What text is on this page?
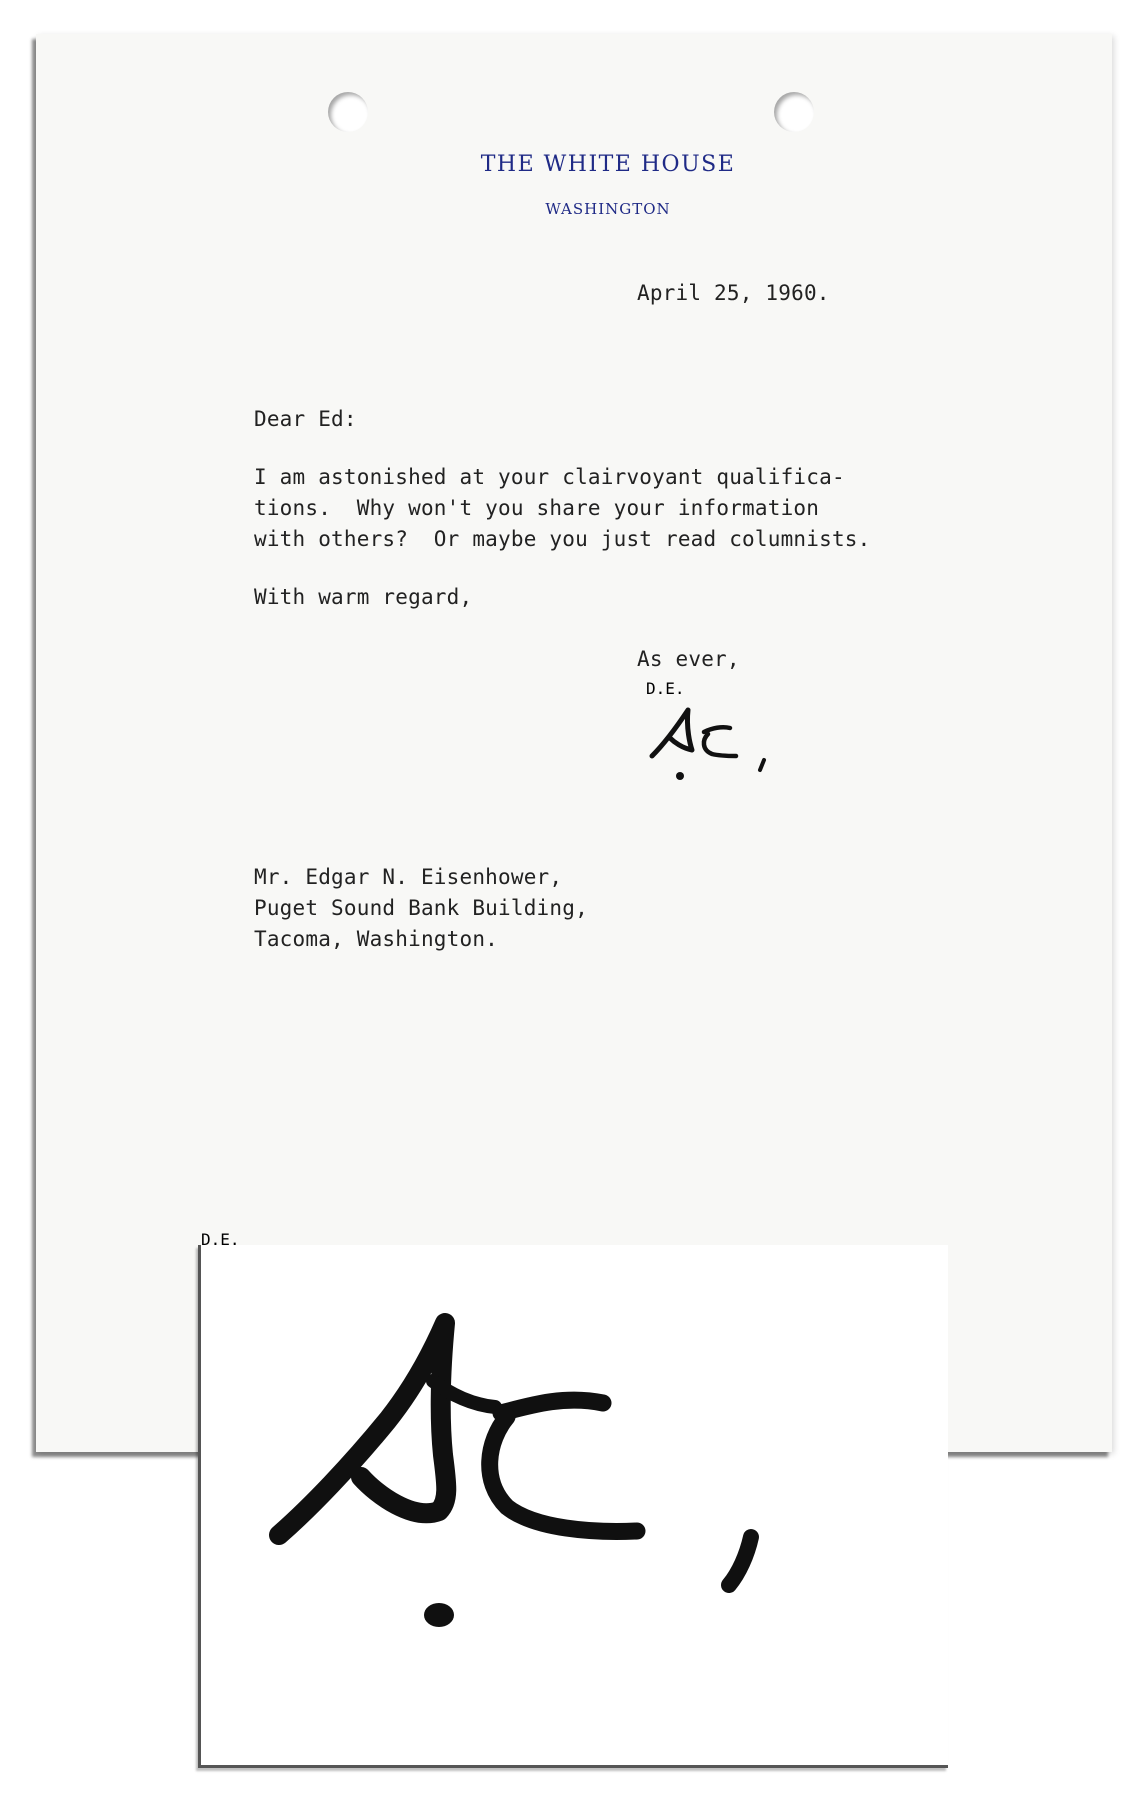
THE WHITE HOUSE
WASHINGTON
April 25, 1960.
Dear Ed:
I am astonished at your clairvoyant qualifica-
tions.  Why won't you share your information
with others?  Or maybe you just read columnists.
With warm regard,
As ever,
D.E.
Mr. Edgar N. Eisenhower,
Puget Sound Bank Building,
Tacoma, Washington.
D.E.
